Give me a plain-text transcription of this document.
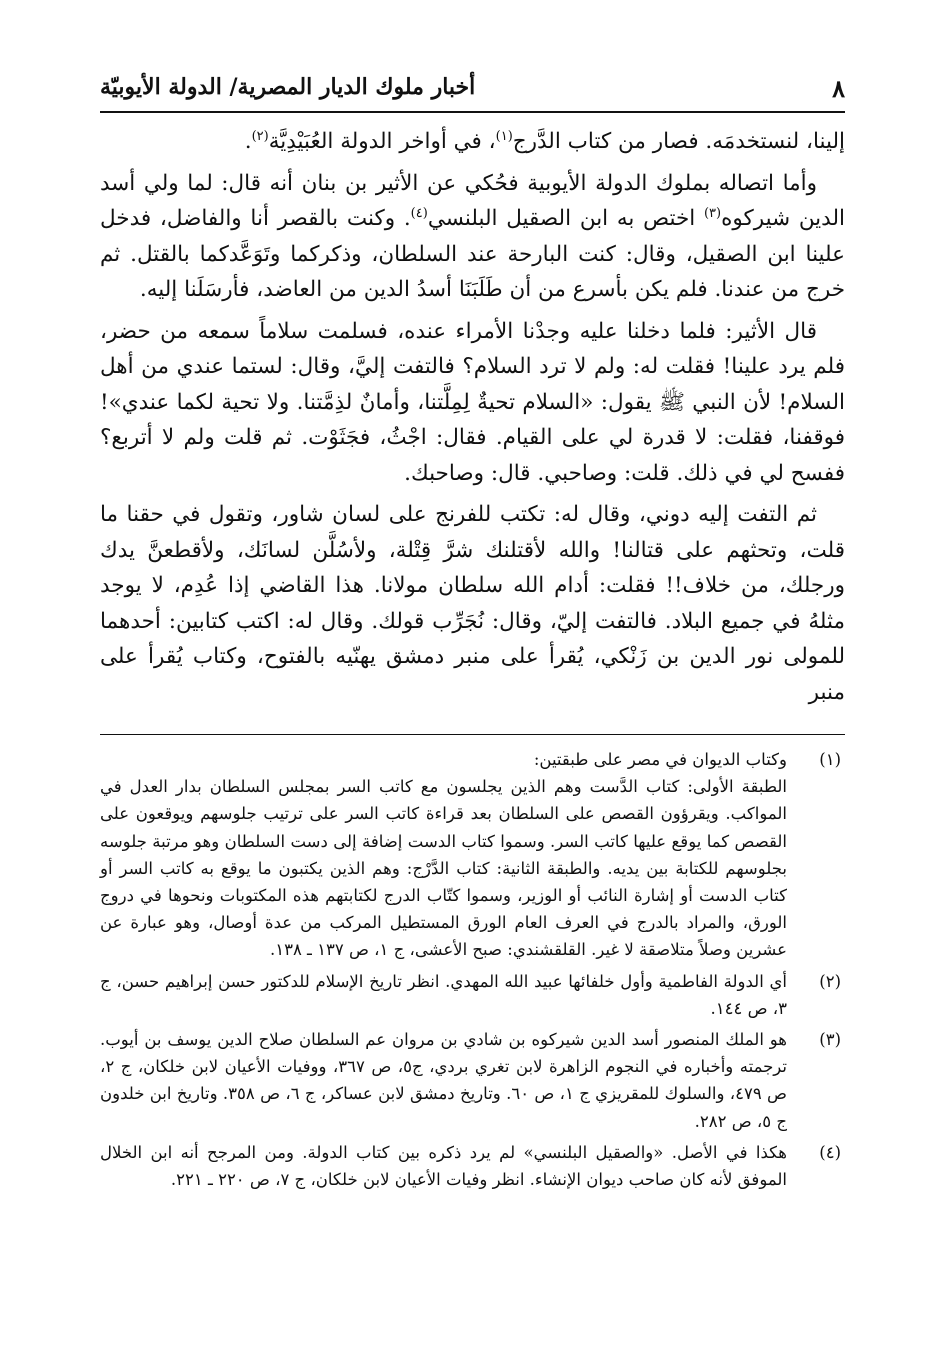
٨
أخبار ملوك الديار المصرية/ الدولة الأيوبيّة

إلينا، لنستخدمَه. فصار من كتاب الدَّرج$^{(١)}$، في أواخر الدولة العُبَيْدِيَّة$^{(٢)}$.

وأما اتصاله بملوك الدولة الأيوبية فحُكي عن الأثير بن بنان أنه قال: لما ولي أسد الدين شيركوه$^{(٣)}$ اختص به ابن الصقيل البلنسي$^{(٤)}$. وكنت بالقصر أنا والفاضل، فدخل علينا ابن الصقيل، وقال: كنت البارحة عند السلطان، وذكركما وتَوَعَّدكما بالقتل. ثم خرج من عندنا. فلم يكن بأسرع من أن طَلَبَنَا أسدُ الدين من العاضد، فأرسَلَنا إليه.

قال الأثير: فلما دخلنا عليه وجدْنا الأمراء عنده، فسلمت سلاماً سمعه من حضر، فلم يرد علينا! فقلت له: ولم لا ترد السلام؟ فالتفت إليَّ، وقال: لستما عندي من أهل السلام! لأن النبي ﷺ يقول: «السلام تحيةٌ لِمِلَّتنا، وأمانٌ لذِمَّتنا. ولا تحية لكما عندي»! فوقفنا، فقلت: لا قدرة لي على القيام. فقال: اجْثُ، فجَثَوْت. ثم قلت ولم لا أتربع؟ ففسح لي في ذلك. قلت: وصاحبي. قال: وصاحبك.

ثم التفت إليه دوني، وقال له: تكتب للفرنج على لسان شاور، وتقول في حقنا ما قلت، وتحثهم على قتالنا! والله لأقتلنك شرَّ قِتْلة، ولأسُلَّن لسانَك، ولأقطعنَّ يدك ورجلك، من خلاف!! فقلت: أدام الله سلطان مولانا. هذا القاضي إذا عُدِم، لا يوجد مثلهُ في جميع البلاد. فالتفت إليّ، وقال: نُجَرِّب قولك. وقال له: اكتب كتابين: أحدهما للمولى نور الدين بن زَنْكي، يُقرأ على منبر دمشق يهنّيه بالفتوح، وكتاب يُقرأ على منبر

(١)
وكتاب الديوان في مصر على طبقتين:
الطبقة الأولى: كتاب الدَّست وهم الذين يجلسون مع كاتب السر بمجلس السلطان بدار العدل في المواكب. ويقرؤون القصص على السلطان بعد قراءة كاتب السر على ترتيب جلوسهم ويوقعون على القصص كما يوقع عليها كاتب السر. وسموا كتاب الدست إضافة إلى دست السلطان وهو مرتبة جلوسه بجلوسهم للكتابة بين يديه. والطبقة الثانية: كتاب الدَّرْج: وهم الذين يكتبون ما يوقع به كاتب السر أو كتاب الدست أو إشارة النائب أو الوزير، وسموا كتّاب الدرج لكتابتهم هذه المكتوبات ونحوها في دروج الورق، والمراد بالدرج في العرف العام الورق المستطيل المركب من عدة أوصال، وهو عبارة عن عشرين وصلاً متلاصقة لا غير. القلقشندي: صبح الأعشى، ج ١، ص ١٣٧ ـ ١٣٨.
(٢)
أي الدولة الفاطمية وأول خلفائها عبيد الله المهدي. انظر تاريخ الإسلام للدكتور حسن إبراهيم حسن، ج ٣، ص ١٤٤.
(٣)
هو الملك المنصور أسد الدين شيركوه بن شادي بن مروان عم السلطان صلاح الدين يوسف بن أيوب. ترجمته وأخباره في النجوم الزاهرة لابن تغري بردي، ج٥، ص ٣٦٧، ووفيات الأعيان لابن خلكان، ج ٢، ص ٤٧٩، والسلوك للمقريزي ج ١، ص ٦٠. وتاريخ دمشق لابن عساكر، ج ٦، ص ٣٥٨. وتاريخ ابن خلدون ج ٥، ص ٢٨٢.
(٤)
هكذا في الأصل. «والصقيل البلنسي» لم يرد ذكره بين كتاب الدولة. ومن المرجح أنه ابن الخلال الموفق لأنه كان صاحب ديوان الإنشاء. انظر وفيات الأعيان لابن خلكان، ج ٧، ص ٢٢٠ ـ ٢٢١.
